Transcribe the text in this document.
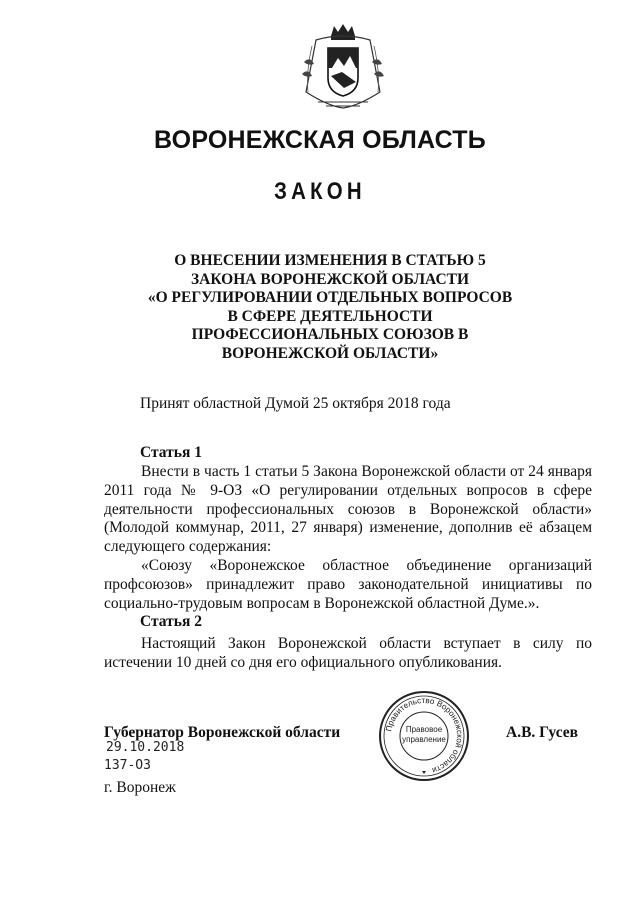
ВОРОНЕЖСКАЯ ОБЛАСТЬ
ЗАКОН
О ВНЕСЕНИИ ИЗМЕНЕНИЯ В СТАТЬЮ 5
ЗАКОНА ВОРОНЕЖСКОЙ ОБЛАСТИ
«О РЕГУЛИРОВАНИИ ОТДЕЛЬНЫХ ВОПРОСОВ
В СФЕРЕ ДЕЯТЕЛЬНОСТИ
ПРОФЕССИОНАЛЬНЫХ СОЮЗОВ В
ВОРОНЕЖСКОЙ ОБЛАСТИ»
Принят областной Думой 25 октября 2018 года
Статья 1
Внести в часть 1 статьи 5 Закона Воронежской области от 24 января 2011 года № 9-ОЗ «О регулировании отдельных вопросов в сфере деятельности профессиональных союзов в Воронежской области» (Молодой коммунар, 2011, 27 января) изменение, дополнив её абзацем следующего содержания:
«Союзу «Воронежское областное объединение организаций профсоюзов» принадлежит право законодательной инициативы по социально-трудовым вопросам в Воронежской областной Думе.».
Статья 2
Настоящий Закон Воронежской области вступает в силу по истечении 10 дней со дня его официального опубликования.
Губернатор Воронежской области	А.В. Гусев
29.10.2018
137-ОЗ
г. Воронеж
Правительство Воронежской области
Правовое
управление
